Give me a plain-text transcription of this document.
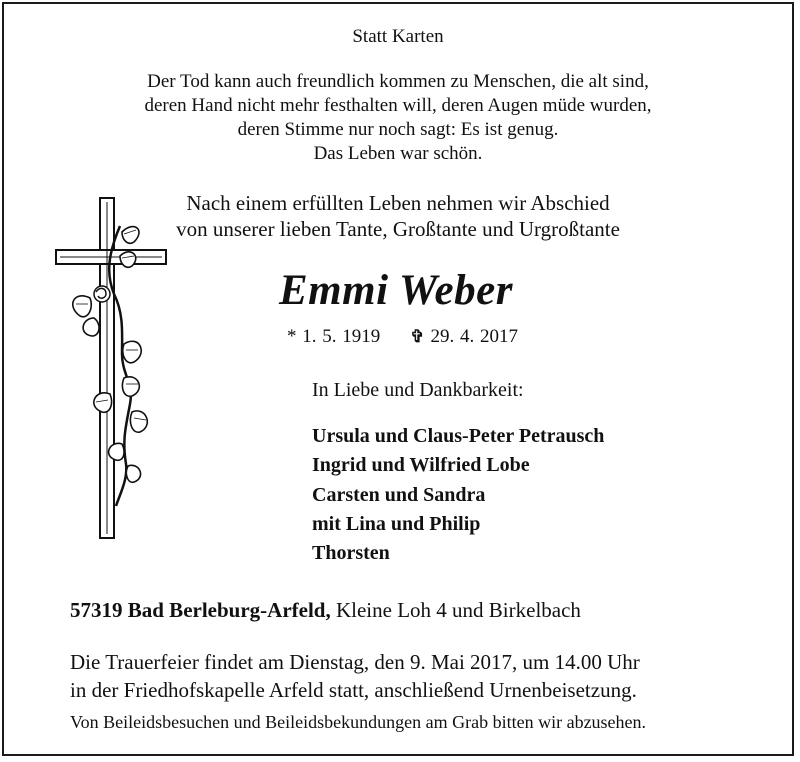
Statt Karten
Der Tod kann auch freundlich kommen zu Menschen, die alt sind,
deren Hand nicht mehr festhalten will, deren Augen müde wurden,
deren Stimme nur noch sagt: Es ist genug.
Das Leben war schön.
Nach einem erfüllten Leben nehmen wir Abschied
von unserer lieben Tante, Großtante und Urgroßtante
Emmi Weber
* 1. 5. 1919 ✞ 29. 4. 2017
In Liebe und Dankbarkeit:
Ursula und Claus-Peter Petrausch
Ingrid und Wilfried Lobe
Carsten und Sandra
mit Lina und Philip
Thorsten
57319 Bad Berleburg-Arfeld, Kleine Loh 4 und Birkelbach
Die Trauerfeier findet am Dienstag, den 9. Mai 2017, um 14.00 Uhr
in der Friedhofskapelle Arfeld statt, anschließend Urnenbeisetzung.
Von Beileidsbesuchen und Beileidsbekundungen am Grab bitten wir abzusehen.
